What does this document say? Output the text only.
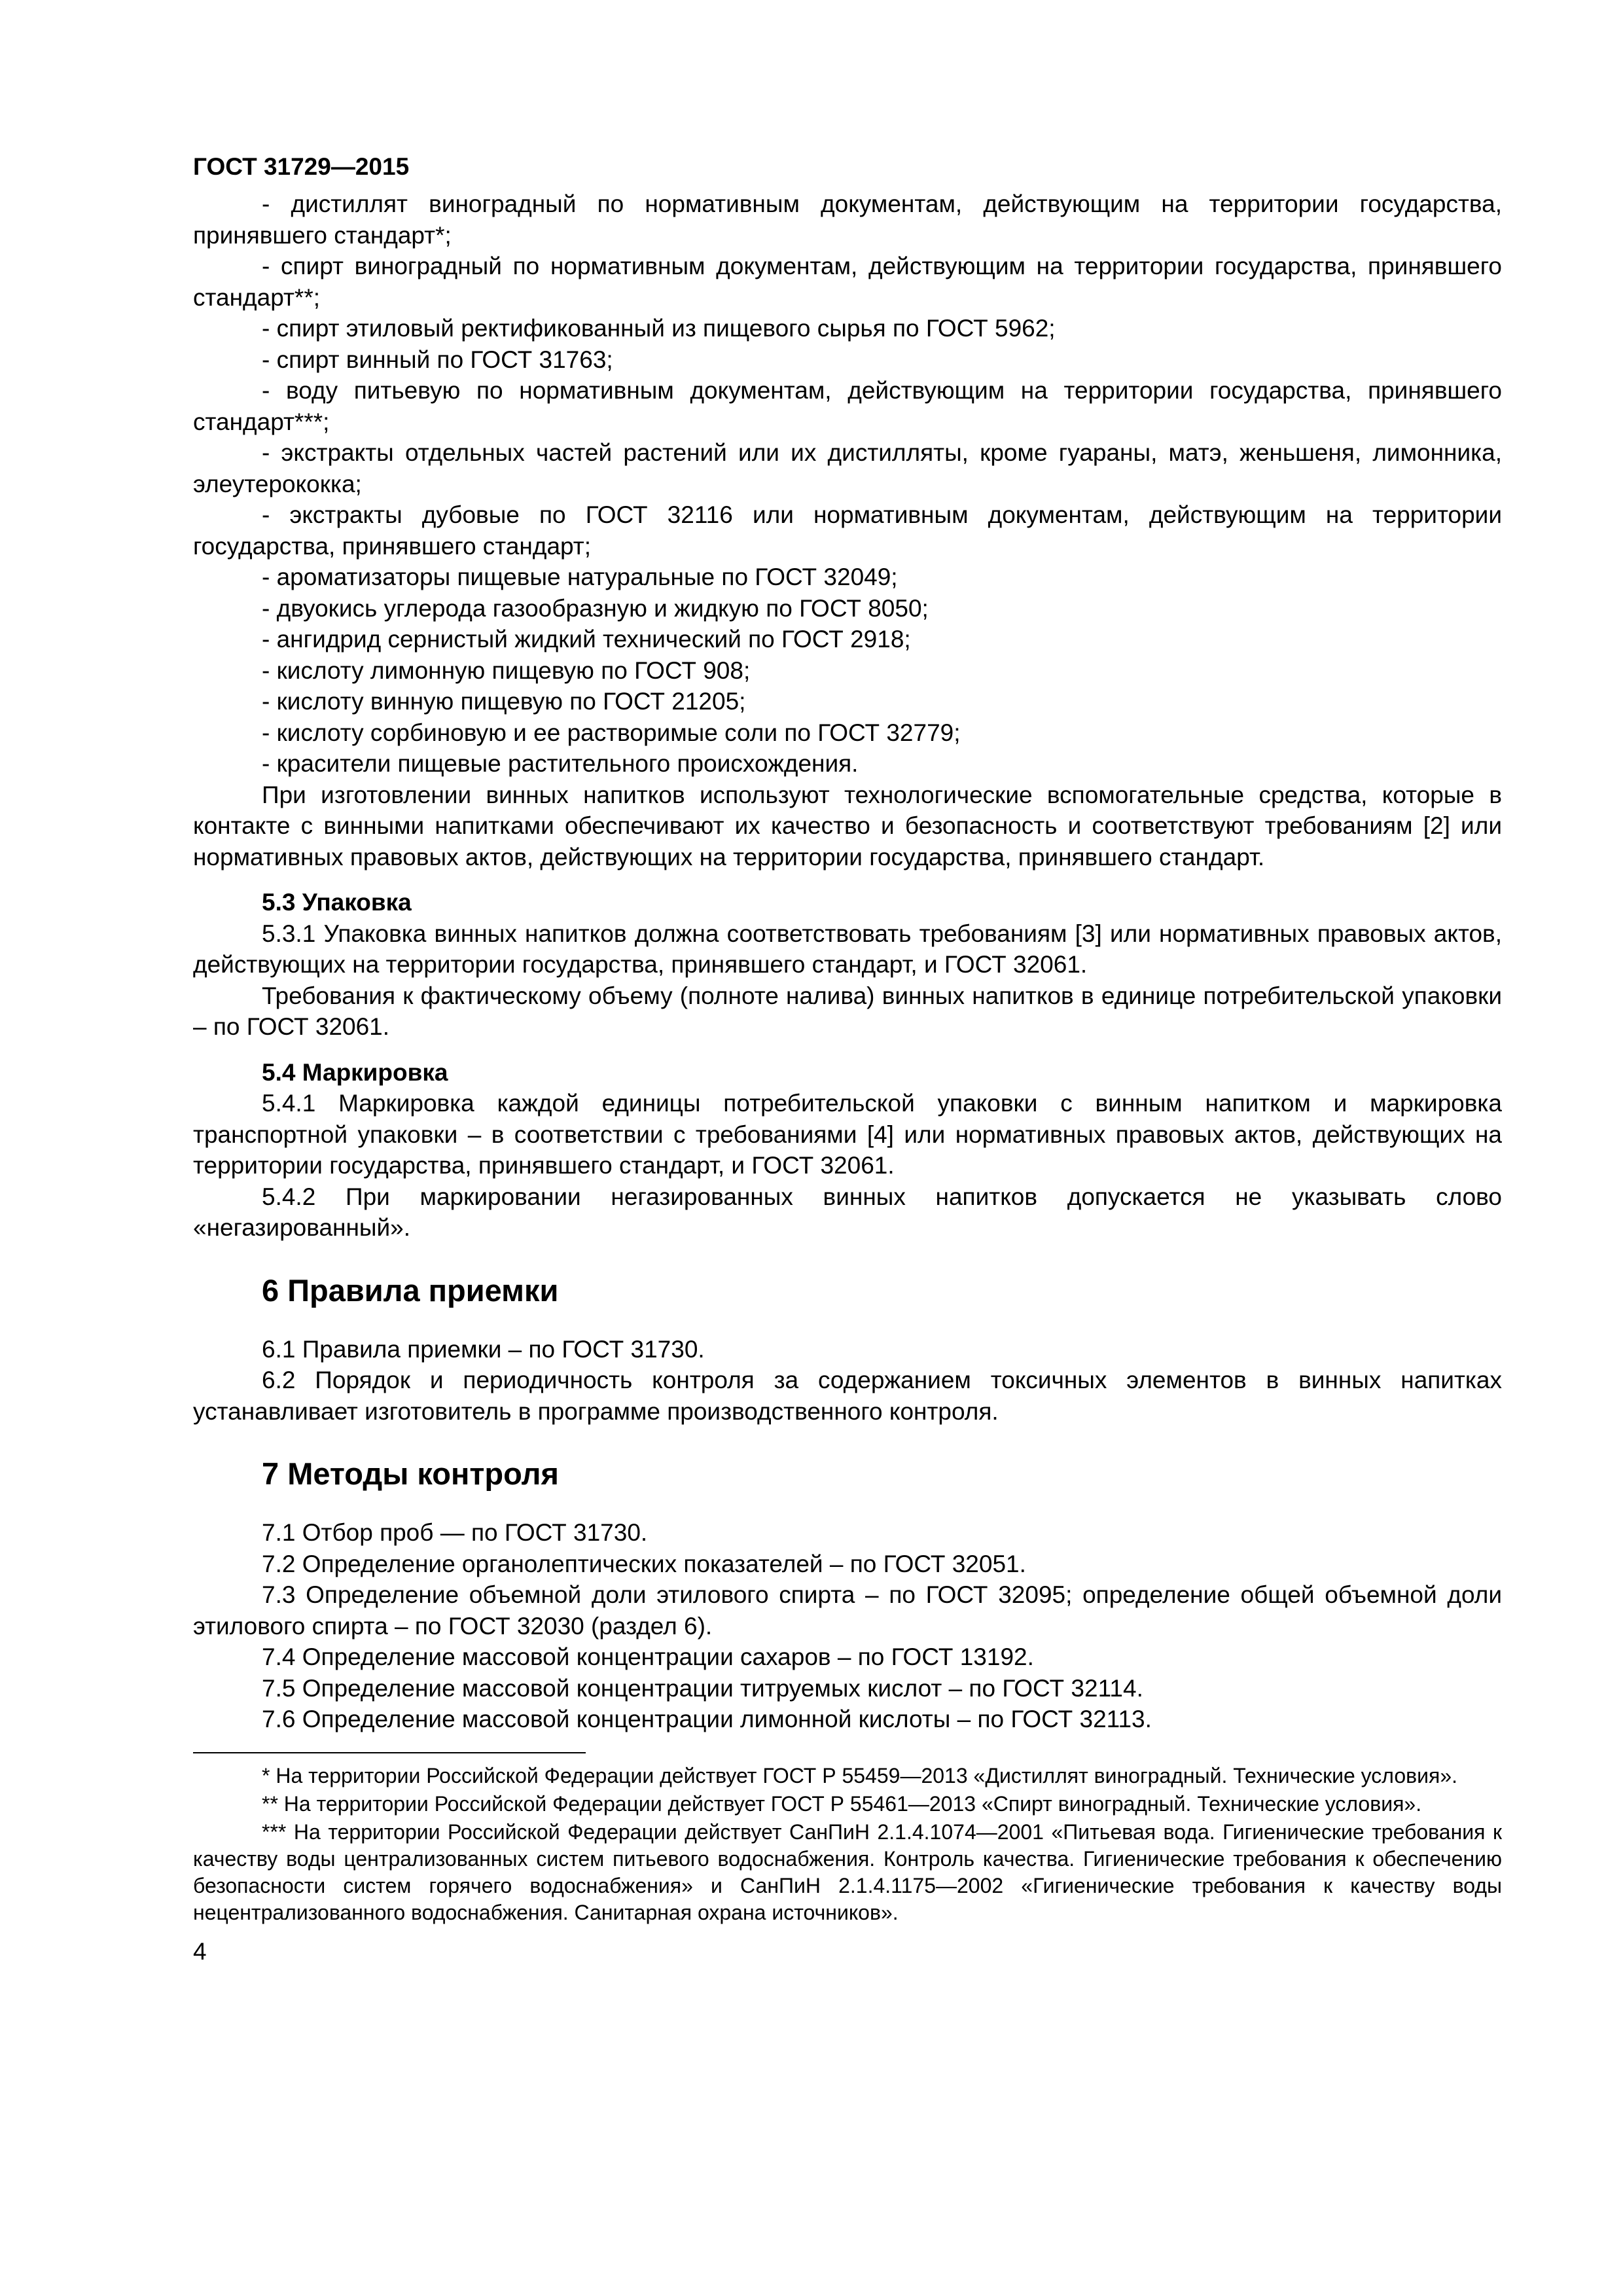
ГОСТ 31729—2015

- дистиллят виноградный по нормативным документам, действующим на территории государства, принявшего стандарт*;

- спирт виноградный по нормативным документам, действующим на территории государства, принявшего стандарт**;

- спирт этиловый ректификованный из пищевого сырья по ГОСТ 5962;

- спирт винный по ГОСТ 31763;

- воду питьевую по нормативным документам, действующим на территории государства, принявшего стандарт***;

- экстракты отдельных частей растений или их дистилляты, кроме гуараны, матэ, женьшеня, лимонника, элеутерококка;

- экстракты дубовые по ГОСТ 32116 или нормативным документам, действующим на территории государства, принявшего стандарт;

- ароматизаторы пищевые натуральные по ГОСТ 32049;

- двуокись углерода газообразную и жидкую по ГОСТ 8050;

- ангидрид сернистый жидкий технический по ГОСТ 2918;

- кислоту лимонную пищевую по ГОСТ 908;

- кислоту винную пищевую по ГОСТ 21205;

- кислоту сорбиновую и ее растворимые соли по ГОСТ 32779;

- красители пищевые растительного происхождения.

При изготовлении винных напитков используют технологические вспомогательные средства, которые в контакте с винными напитками обеспечивают их качество и безопасность и соответствуют требованиям [2] или нормативных правовых актов, действующих на территории государства, принявшего стандарт.

5.3 Упаковка

5.3.1 Упаковка винных напитков должна соответствовать требованиям [3] или нормативных правовых актов, действующих на территории государства, принявшего стандарт, и ГОСТ 32061.

Требования к фактическому объему (полноте налива) винных напитков в единице потребительской упаковки – по ГОСТ 32061.

5.4 Маркировка

5.4.1 Маркировка каждой единицы потребительской упаковки с винным напитком и маркировка транспортной упаковки – в соответствии с требованиями [4] или нормативных правовых актов, действующих на территории государства, принявшего стандарт, и ГОСТ 32061.

5.4.2 При маркировании негазированных винных напитков допускается не указывать слово «негазированный».

6 Правила приемки

6.1 Правила приемки – по ГОСТ 31730.

6.2 Порядок и периодичность контроля за содержанием токсичных элементов в винных напитках устанавливает изготовитель в программе производственного контроля.

7 Методы контроля

7.1 Отбор проб — по ГОСТ 31730.

7.2 Определение органолептических показателей – по ГОСТ 32051.

7.3 Определение объемной доли этилового спирта – по ГОСТ 32095; определение общей объемной доли этилового спирта – по ГОСТ 32030 (раздел 6).

7.4 Определение массовой концентрации сахаров – по ГОСТ 13192.

7.5 Определение массовой концентрации титруемых кислот – по ГОСТ 32114.

7.6 Определение массовой концентрации лимонной кислоты – по ГОСТ 32113.

* На территории Российской Федерации действует ГОСТ Р 55459—2013 «Дистиллят виноградный. Технические условия».

** На территории Российской Федерации действует ГОСТ Р 55461—2013 «Спирт виноградный. Технические условия».

*** На территории Российской Федерации действует СанПиН 2.1.4.1074—2001 «Питьевая вода. Гигиенические требования к качеству воды централизованных систем питьевого водоснабжения. Контроль качества. Гигиенические требования к обеспечению безопасности систем горячего водоснабжения» и СанПиН 2.1.4.1175—2002 «Гигиенические требования к качеству воды нецентрализованного водоснабжения. Санитарная охрана источников».

4
